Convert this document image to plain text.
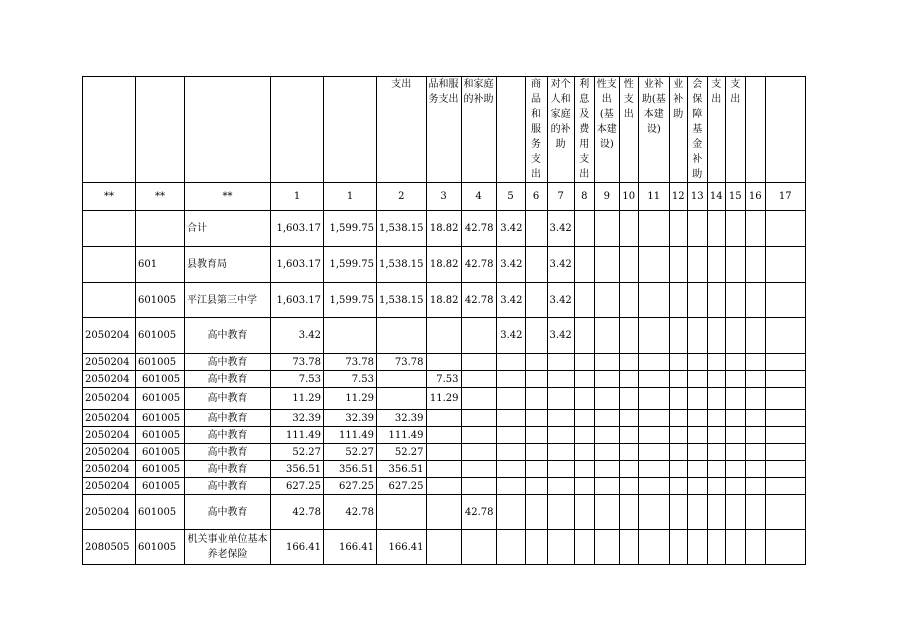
					支出	品和服务支出	和家庭的补助		商品和服务支出	对个人和家庭的补助	利息及费用支出	性支出(基本建设)	性支出	业补助(基本建设)	业补助	会保障基金补助	支出	支出		
**	**	**	1	1	2	3	4	5	6	7	8	9	10	11	12	13	14	15	16	17
		合计	1,603.17	1,599.75	1,538.15	18.82	42.78	3.42		3.42										
	601	县教育局	1,603.17	1,599.75	1,538.15	18.82	42.78	3.42		3.42										
	601005	平江县第三中学	1,603.17	1,599.75	1,538.15	18.82	42.78	3.42		3.42										
2050204	601005	高中教育	3.42					3.42		3.42										
2050204	601005	高中教育	73.78	73.78	73.78															
2050204	601005	高中教育	7.53	7.53		7.53														
2050204	601005	高中教育	11.29	11.29		11.29														
2050204	601005	高中教育	32.39	32.39	32.39															
2050204	601005	高中教育	111.49	111.49	111.49															
2050204	601005	高中教育	52.27	52.27	52.27															
2050204	601005	高中教育	356.51	356.51	356.51															
2050204	601005	高中教育	627.25	627.25	627.25															
2050204	601005	高中教育	42.78	42.78			42.78													
2080505	601005	机关事业单位基本养老保险	166.41	166.41	166.41															
